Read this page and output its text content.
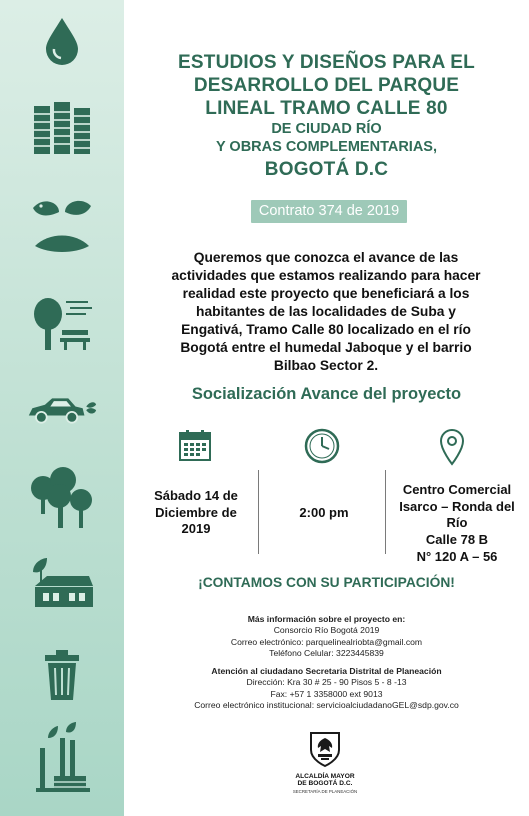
ESTUDIOS Y DISEÑOS PARA EL
DESARROLLO DEL PARQUE
LINEAL TRAMO CALLE 80
DE CIUDAD RÍO
Y OBRAS COMPLEMENTARIAS,
BOGOTÁ D.C
Contrato 374 de 2019
Queremos que conozca el avance de las
actividades que estamos realizando para hacer
realidad este proyecto que beneficiará a los
habitantes de las localidades de Suba y
Engativá, Tramo Calle 80 localizado en el río
Bogotá entre el humedal Jaboque y el barrio
Bilbao Sector 2.
Socialización Avance del proyecto
Sábado 14 de
Diciembre de
2019
2:00 pm
Centro Comercial
Isarco – Ronda del
Río
Calle 78 B
N° 120 A – 56
¡CONTAMOS CON SU PARTICIPACIÓN!
Más información sobre el proyecto en:
Consorcio Río Bogotá 2019
Correo electrónico: parquelinealriobta@gmail.com
Teléfono Celular: 3223445839
Atención al ciudadano Secretaria Distrital de Planeación
Dirección: Kra 30 # 25 - 90 Pisos 5 - 8 -13
Fax: +57 1 3358000 ext 9013
Correo electrónico institucional: servicioalciudadanoGEL@sdp.gov.co
ALCALDÍA MAYOR
DE BOGOTÁ D.C.
SECRETARÍA DE PLANEACIÓN
